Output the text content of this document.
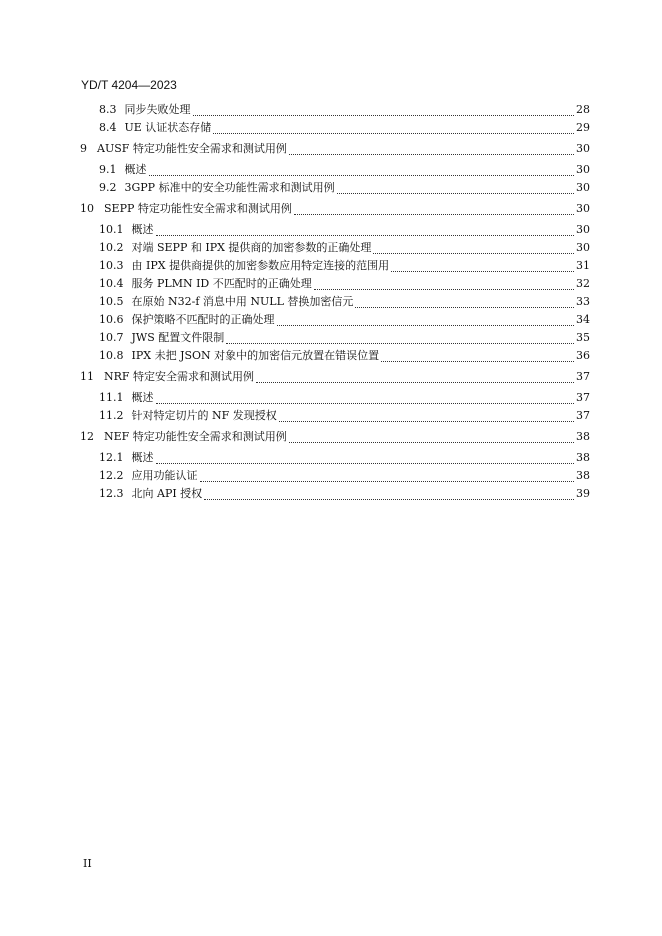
YD/T 4204—2023
8.3 同步失败处理	28
8.4 UE 认证状态存储	29
9 AUSF 特定功能性安全需求和测试用例	30
9.1 概述	30
9.2 3GPP 标准中的安全功能性需求和测试用例	30
10 SEPP 特定功能性安全需求和测试用例	30
10.1 概述	30
10.2 对端 SEPP 和 IPX 提供商的加密参数的正确处理	30
10.3 由 IPX 提供商提供的加密参数应用特定连接的范围用	31
10.4 服务 PLMN ID 不匹配时的正确处理	32
10.5 在原始 N32-f 消息中用 NULL 替换加密信元	33
10.6 保护策略不匹配时的正确处理	34
10.7 JWS 配置文件限制	35
10.8 IPX 未把 JSON 对象中的加密信元放置在错误位置	36
11 NRF 特定安全需求和测试用例	37
11.1 概述	37
11.2 针对特定切片的 NF 发现授权	37
12 NEF 特定功能性安全需求和测试用例	38
12.1 概述	38
12.2 应用功能认证	38
12.3 北向 API 授权	39
II
